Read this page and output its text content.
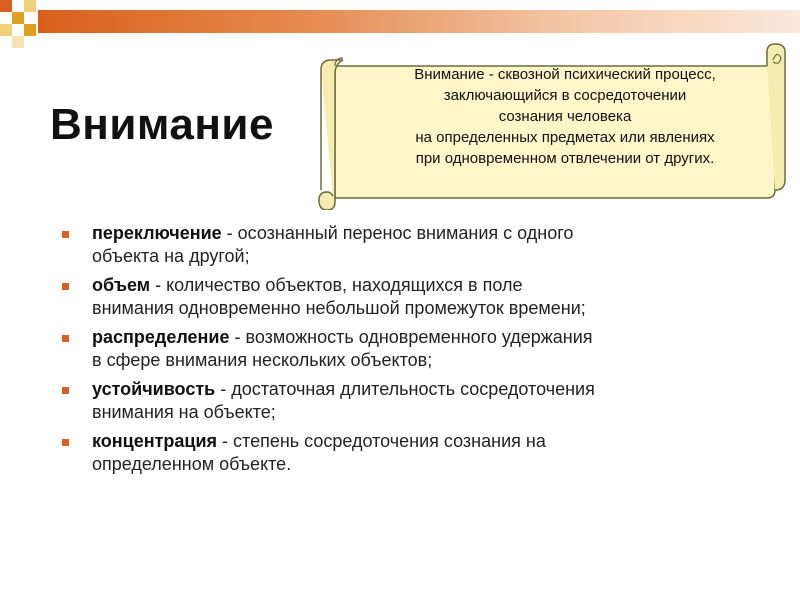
Внимание
Внимание - сквозной психический процесс,
заключающийся в сосредоточении
сознания человека
на определенных предметах или явлениях
при одновременном отвлечении от других.
переключение - осознанный перенос внимания с одного
объекта на другой;
объем - количество объектов, находящихся в поле
внимания одновременно небольшой промежуток времени;
распределение - возможность одновременного удержания
в сфере внимания нескольких объектов;
устойчивость - достаточная длительность сосредоточения
внимания на объекте;
концентрация - степень сосредоточения сознания на
определенном объекте.
